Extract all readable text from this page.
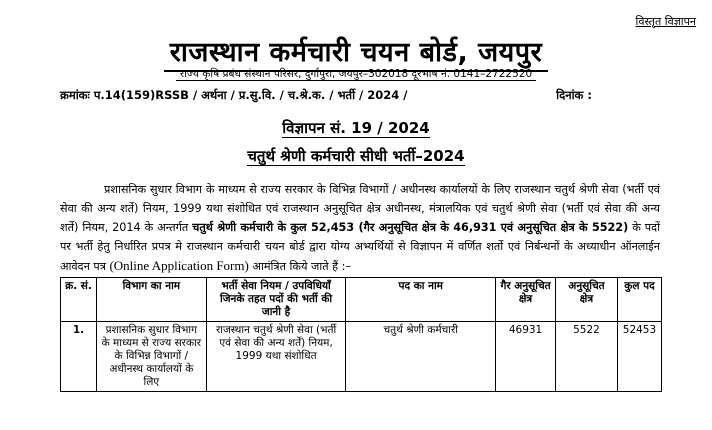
विस्तृत विज्ञापन
राजस्थान कर्मचारी चयन बोर्ड, जयपुर
राज्य कृषि प्रबंध संस्थान परिसर, दुर्गापुरा, जयपुर–302018 दूरभाष नं. 0141–2722520
क्रमांकः प.14(159)RSSB / अर्थना / प्र.सु.वि. / च.श्रे.क. / भर्ती / 2024 /	दिनांक :
विज्ञापन सं. 19 / 2024
चतुर्थ श्रेणी कर्मचारी सीधी भर्ती–2024
प्रशासनिक सुधार विभाग के माध्यम से राज्य सरकार के विभिन्न विभागों / अधीनस्थ कार्यालयों के लिए राजस्थान चतुर्थ श्रेणी सेवा (भर्ती एवं सेवा की अन्य शर्ते) नियम, 1999 यथा संशोधित एवं राजस्थान अनुसूचित क्षेत्र अधीनस्थ, मंत्रालयिक एवं चतुर्थ श्रेणी सेवा (भर्ती एवं सेवा की अन्य शर्ते) नियम, 2014 के अन्तर्गत चतुर्थ श्रेणी कर्मचारी के कुल 52,453 (गैर अनुसूचित क्षेत्र के 46,931 एवं अनुसूचित क्षेत्र के 5522) के पदों पर भर्ती हेतु निर्धारित प्रपत्र मे राजस्थान कर्मचारी चयन बोर्ड द्वारा योग्य अभ्यर्थियों से विज्ञापन में वर्णित शर्तो एवं निर्बन्धनों के अध्याधीन ऑनलाईन आवेदन पत्र (Online Application Form) आमंत्रित किये जाते हैं :–
क्र. सं.	विभाग का नाम	भर्ती सेवा नियम / उपविधियाँ जिनके तहत पदों की भर्ती की जानी है	पद का नाम	गैर अनुसूचित क्षेत्र	अनुसूचित क्षेत्र	कुल पद
1.	प्रशासनिक सुधार विभाग के माध्यम से राज्य सरकार के विभिन्न विभागों / अधीनस्थ कार्यालयों के लिए	राजस्थान चतुर्थ श्रेणी सेवा (भर्ती एवं सेवा की अन्य शर्तें) नियम, 1999 यथा संशोधित	चतुर्थ श्रेणी कर्मचारी	46931	5522	52453
